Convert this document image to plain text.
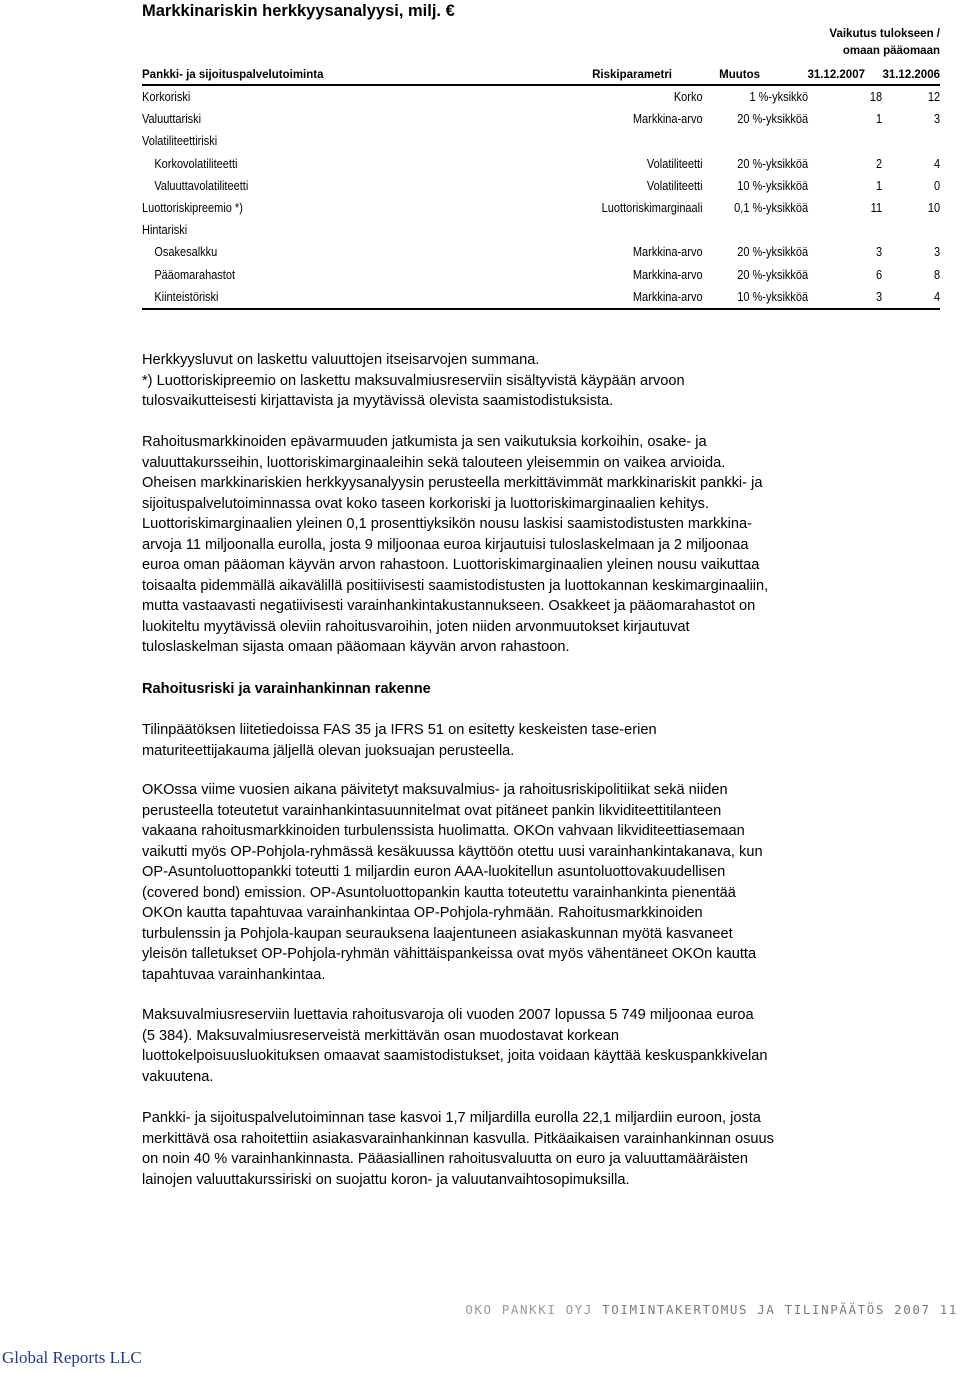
Markkinariskin herkkyysanalyysi, milj. €
Vaikutus tulokseen / omaan pääomaan
Pankki- ja sijoituspalvelutoiminta	Riskiparametri	Muutos	31.12.2007 31.12.2006
Korkoriski	Korko	1 %-yksikkö	18	12
Valuuttariski	Markkina-arvo	20 %-yksikköä	1	3
Volatiliteettiriski
Korkovolatiliteetti	Volatiliteetti	20 %-yksikköä	2	4
Valuuttavolatiliteetti	Volatiliteetti	10 %-yksikköä	1	0
Luottoriskipreemio *)	Luottoriskimarginaali	0,1 %-yksikköä	11	10
Hintariski
Osakesalkku	Markkina-arvo	20 %-yksikköä	3	3
Pääomarahastot	Markkina-arvo	20 %-yksikköä	6	8
Kiinteistöriski	Markkina-arvo	10 %-yksikköä	3	4

Herkkyysluvut on laskettu valuuttojen itseisarvojen summana.
*) Luottoriskipreemio on laskettu maksuvalmiusreserviin sisältyvistä käypään arvoon
tulosvaikutteisesti kirjattavista ja myytävissä olevista saamistodistuksista.

Rahoitusmarkkinoiden epävarmuuden jatkumista ja sen vaikutuksia korkoihin, osake- ja
valuuttakursseihin, luottoriskimarginaaleihin sekä talouteen yleisemmin on vaikea arvioida.
Oheisen markkinariskien herkkyysanalyysin perusteella merkittävimmät markkinariskit pankki- ja
sijoituspalvelutoiminnassa ovat koko taseen korkoriski ja luottoriskimarginaalien kehitys.
Luottoriskimarginaalien yleinen 0,1 prosenttiyksikön nousu laskisi saamistodistusten markkina-
arvoja 11 miljoonalla eurolla, josta 9 miljoonaa euroa kirjautuisi tuloslaskelmaan ja 2 miljoonaa
euroa oman pääoman käyvän arvon rahastoon. Luottoriskimarginaalien yleinen nousu vaikuttaa
toisaalta pidemmällä aikavälillä positiivisesti saamistodistusten ja luottokannan keskimarginaaliin,
mutta vastaavasti negatiivisesti varainhankintakustannukseen. Osakkeet ja pääomarahastot on
luokiteltu myytävissä oleviin rahoitusvaroihin, joten niiden arvonmuutokset kirjautuvat
tuloslaskelman sijasta omaan pääomaan käyvän arvon rahastoon.

Rahoitusriski ja varainhankinnan rakenne

Tilinpäätöksen liitetiedoissa FAS 35 ja IFRS 51 on esitetty keskeisten tase-erien
maturiteettijakauma jäljellä olevan juoksuajan perusteella.

OKOssa viime vuosien aikana päivitetyt maksuvalmius- ja rahoitusriskipolitiikat sekä niiden
perusteella toteutetut varainhankintasuunnitelmat ovat pitäneet pankin likviditeettitilanteen
vakaana rahoitusmarkkinoiden turbulenssista huolimatta. OKOn vahvaan likviditeettiasemaan
vaikutti myös OP-Pohjola-ryhmässä kesäkuussa käyttöön otettu uusi varainhankintakanava, kun
OP-Asuntoluottopankki toteutti 1 miljardin euron AAA-luokitellun asuntoluottovakuudellisen
(covered bond) emission. OP-Asuntoluottopankin kautta toteutettu varainhankinta pienentää
OKOn kautta tapahtuvaa varainhankintaa OP-Pohjola-ryhmään. Rahoitusmarkkinoiden
turbulenssin ja Pohjola-kaupan seurauksena laajentuneen asiakaskunnan myötä kasvaneet
yleisön talletukset OP-Pohjola-ryhmän vähittäispankeissa ovat myös vähentäneet OKOn kautta
tapahtuvaa varainhankintaa.

Maksuvalmiusreserviin luettavia rahoitusvaroja oli vuoden 2007 lopussa 5 749 miljoonaa euroa
(5 384). Maksuvalmiusreserveistä merkittävän osan muodostavat korkean
luottokelpoisuusluokituksen omaavat saamistodistukset, joita voidaan käyttää keskuspankkivelan
vakuutena.

Pankki- ja sijoituspalvelutoiminnan tase kasvoi 1,7 miljardilla eurolla 22,1 miljardiin euroon, josta
merkittävä osa rahoitettiin asiakasvarainhankinnan kasvulla. Pitkäaikaisen varainhankinnan osuus
on noin 40 % varainhankinnasta. Pääasiallinen rahoitusvaluutta on euro ja valuuttamääräisten
lainojen valuuttakurssiriski on suojattu koron- ja valuutanvaihtosopimuksilla.

OKO PANKKI OYJ TOIMINTAKERTOMUS JA TILINPÄÄTÖS 2007 11
Global Reports LLC
